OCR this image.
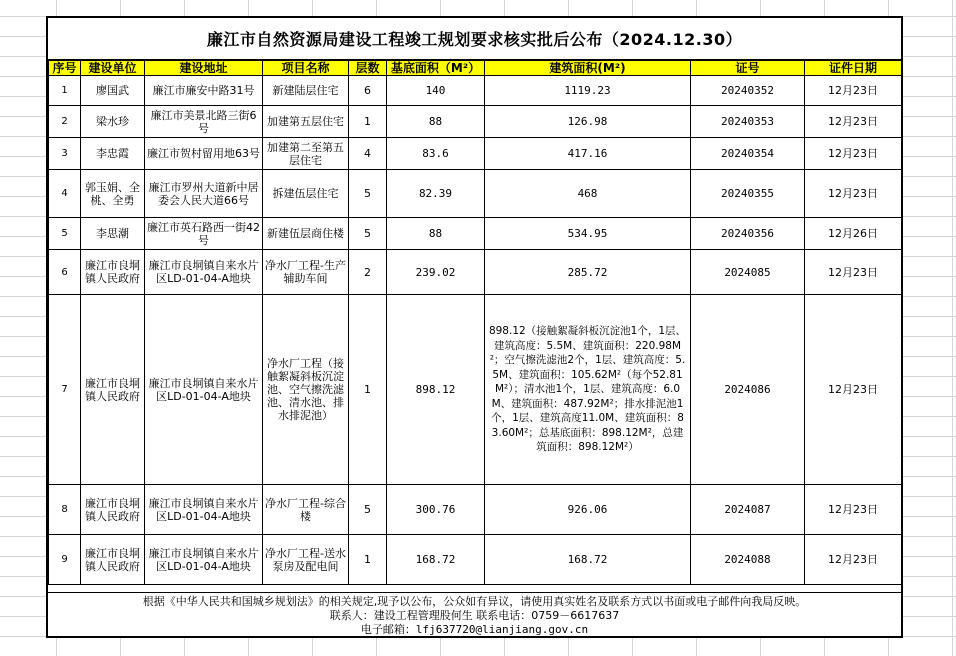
廉江市自然资源局建设工程竣工规划要求核实批后公布（2024.12.30）
序号	建设单位	建设地址	项目名称	层数	基底面积（M²）	建筑面积(M²)	证号	证件日期
1	廖国武	廉江市廉安中路31号	新建陆层住宅	6	140	1119.23	20240352	12月23日
2	梁水珍	廉江市美景北路三街6号	加建第五层住宅	1	88	126.98	20240353	12月23日
3	李忠霞	廉江市贺村留用地63号	加建第二至第五层住宅	4	83.6	417.16	20240354	12月23日
4	郭玉娟、全桃、全勇	廉江市罗州大道新中居委会人民大道66号	拆建伍层住宅	5	82.39	468	20240355	12月23日
5	李思潮	廉江市英石路西一街42号	新建伍层商住楼	5	88	534.95	20240356	12月26日
6	廉江市良垌镇人民政府	廉江市良垌镇自来水片区LD-01-04-A地块	净水厂工程-生产辅助车间	2	239.02	285.72	2024085	12月23日
7	廉江市良垌镇人民政府	廉江市良垌镇自来水片区LD-01-04-A地块	净水厂工程（接触絮凝斜板沉淀池、空气擦洗滤池、清水池、排水排泥池）	1	898.12	898.12（接触絮凝斜板沉淀池1个，1层、建筑高度：5.5M、建筑面积：220.98M²；空气擦洗滤池2个，1层、建筑高度：5.5M、建筑面积：105.62M²（每个52.81M²）；清水池1个，1层、建筑高度：6.0M、建筑面积：487.92M²；排水排泥池1个，1层、建筑高度11.0M、建筑面积：83.60M²；总基底面积：898.12M²，总建筑面积：898.12M²）	2024086	12月23日
8	廉江市良垌镇人民政府	廉江市良垌镇自来水片区LD-01-04-A地块	净水厂工程-综合楼	5	300.76	926.06	2024087	12月23日
9	廉江市良垌镇人民政府	廉江市良垌镇自来水片区LD-01-04-A地块	净水厂工程-送水泵房及配电间	1	168.72	168.72	2024088	12月23日
根据《中华人民共和国城乡规划法》的相关规定,现予以公布，公众如有异议，请使用真实姓名及联系方式以书面或电子邮件向我局反映。
联系人：建设工程管理股何生 联系电话：0759－6617637
电子邮箱：lfj637720@lianjiang.gov.cn
